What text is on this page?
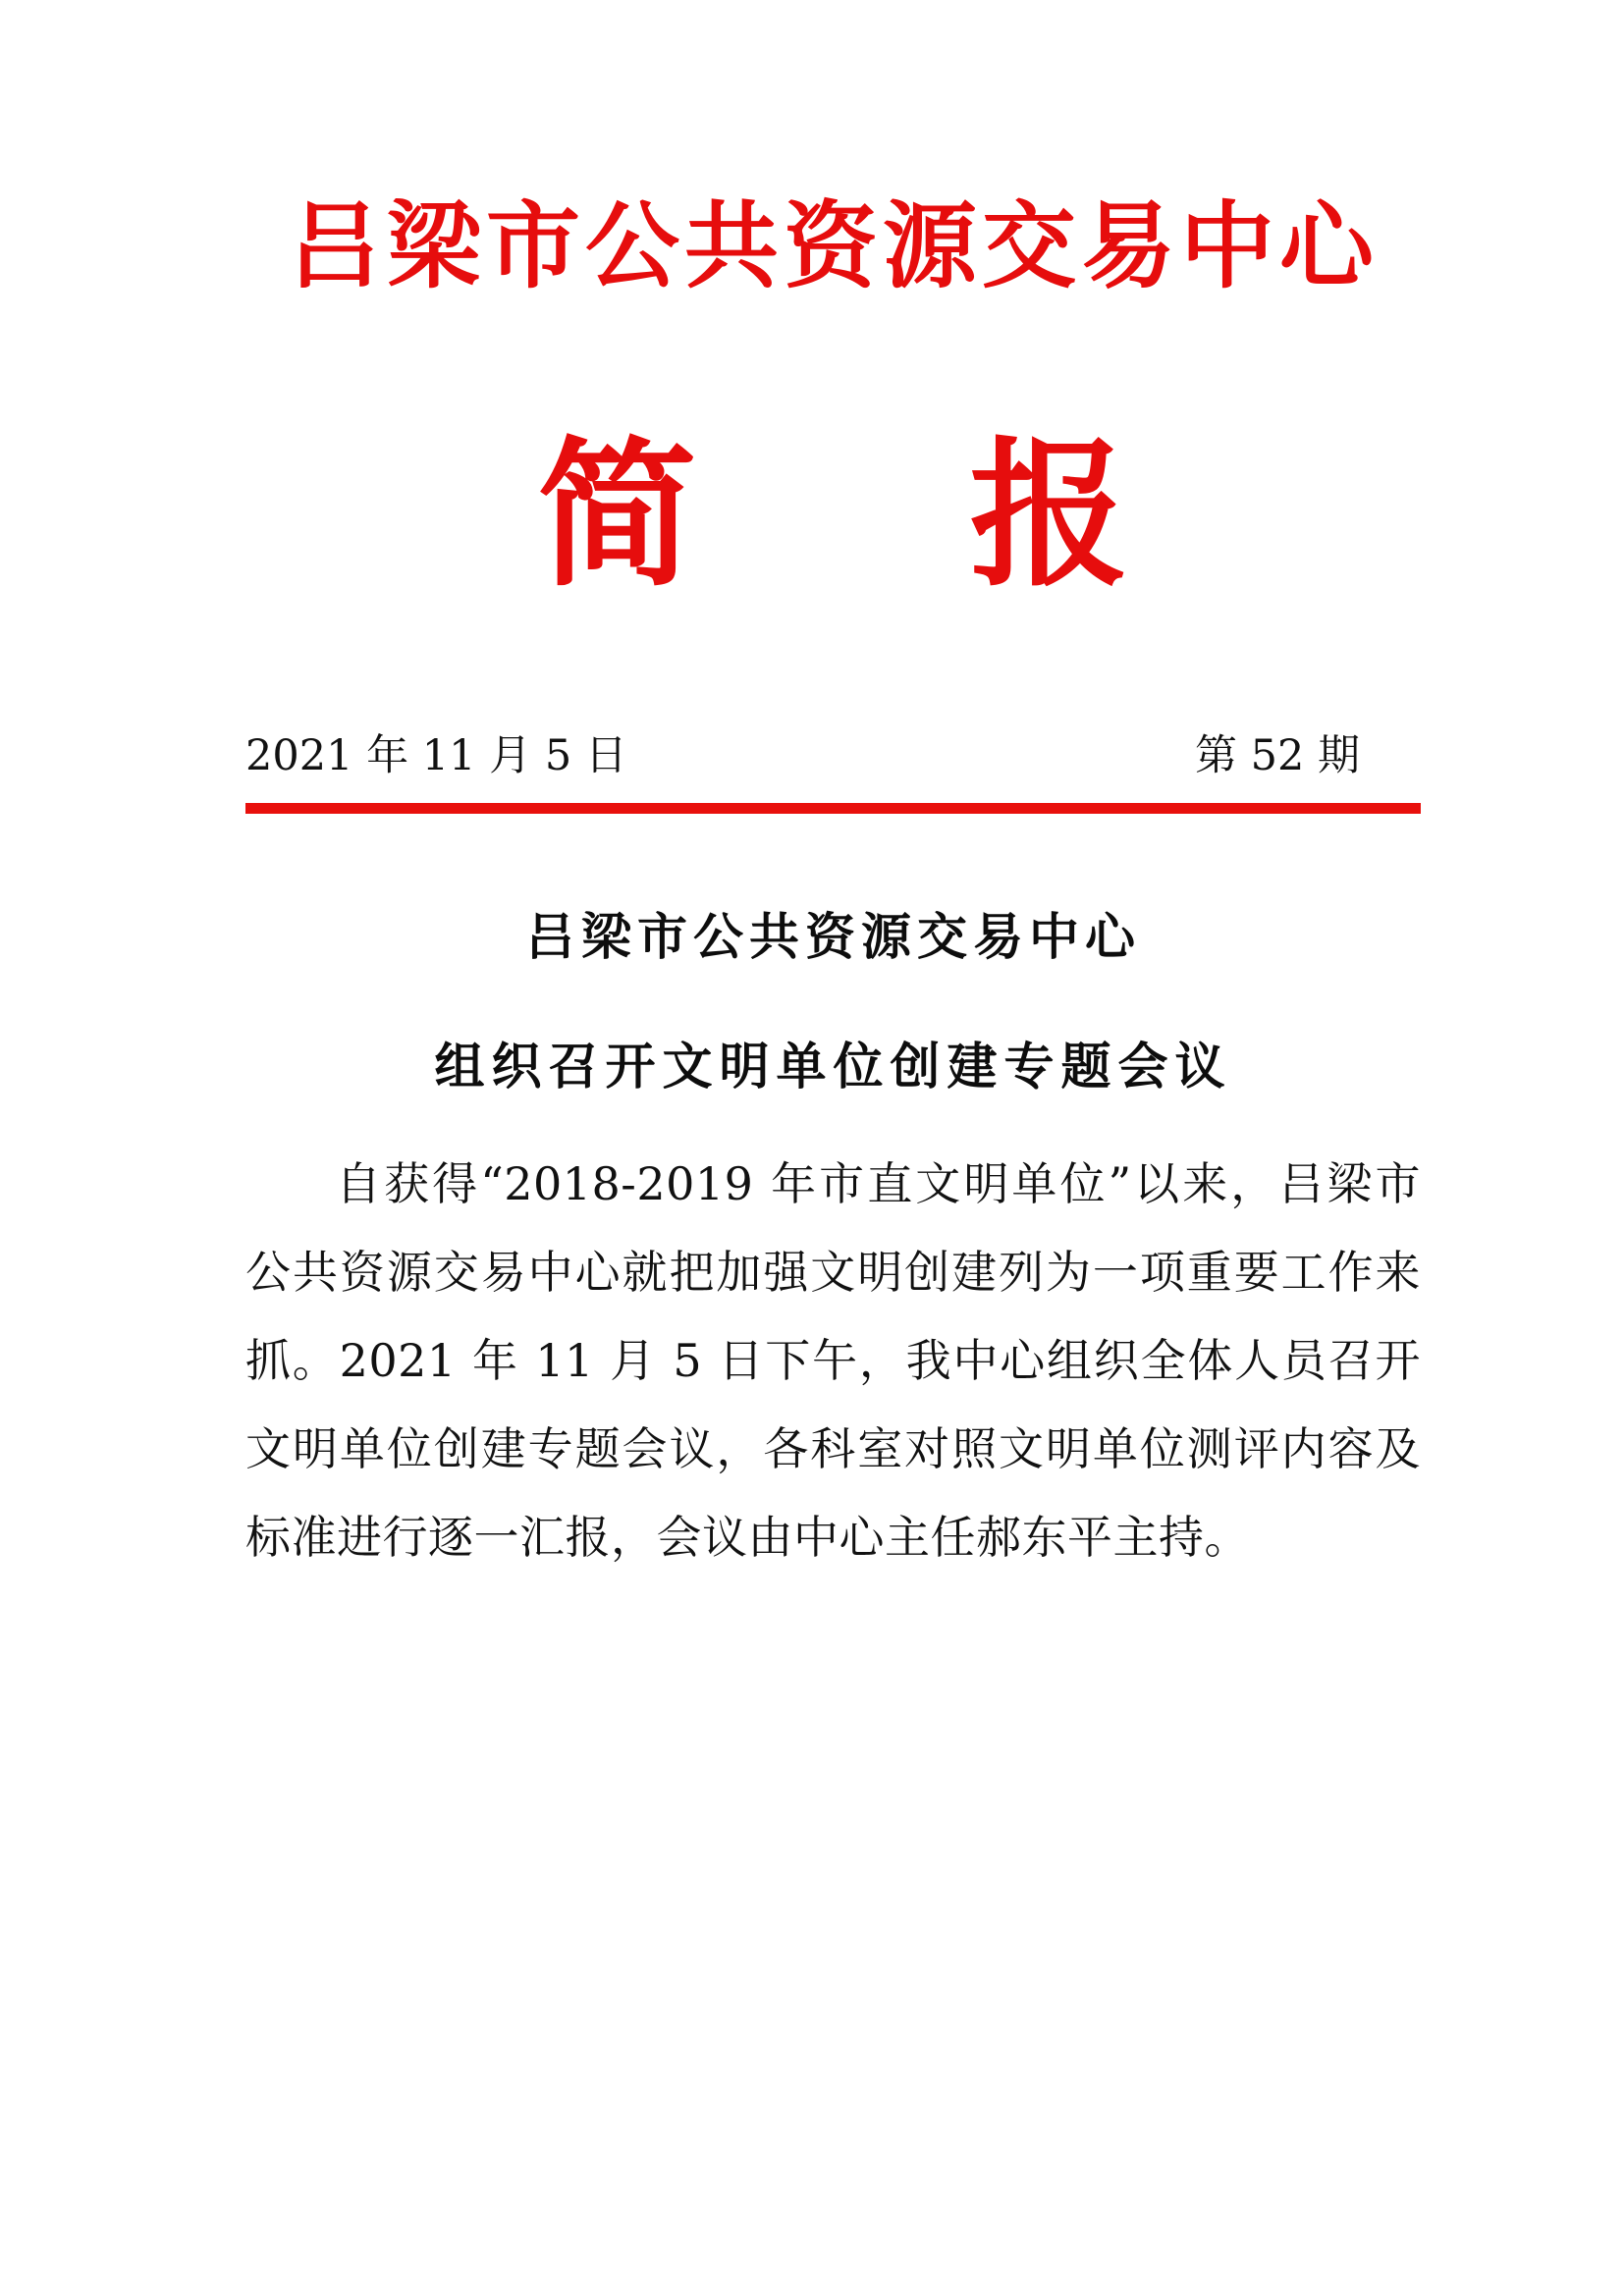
吕梁市公共资源交易中心
简 报
2021 年 11 月 5 日	第 52 期
吕梁市公共资源交易中心
组织召开文明单位创建专题会议
自获得“2018-2019 年市直文明单位”以来，吕梁市公共资源交易中心就把加强文明创建列为一项重要工作来抓。2021 年 11 月 5 日下午，我中心组织全体人员召开文明单位创建专题会议，各科室对照文明单位测评内容及标准进行逐一汇报，会议由中心主任郝东平主持。
